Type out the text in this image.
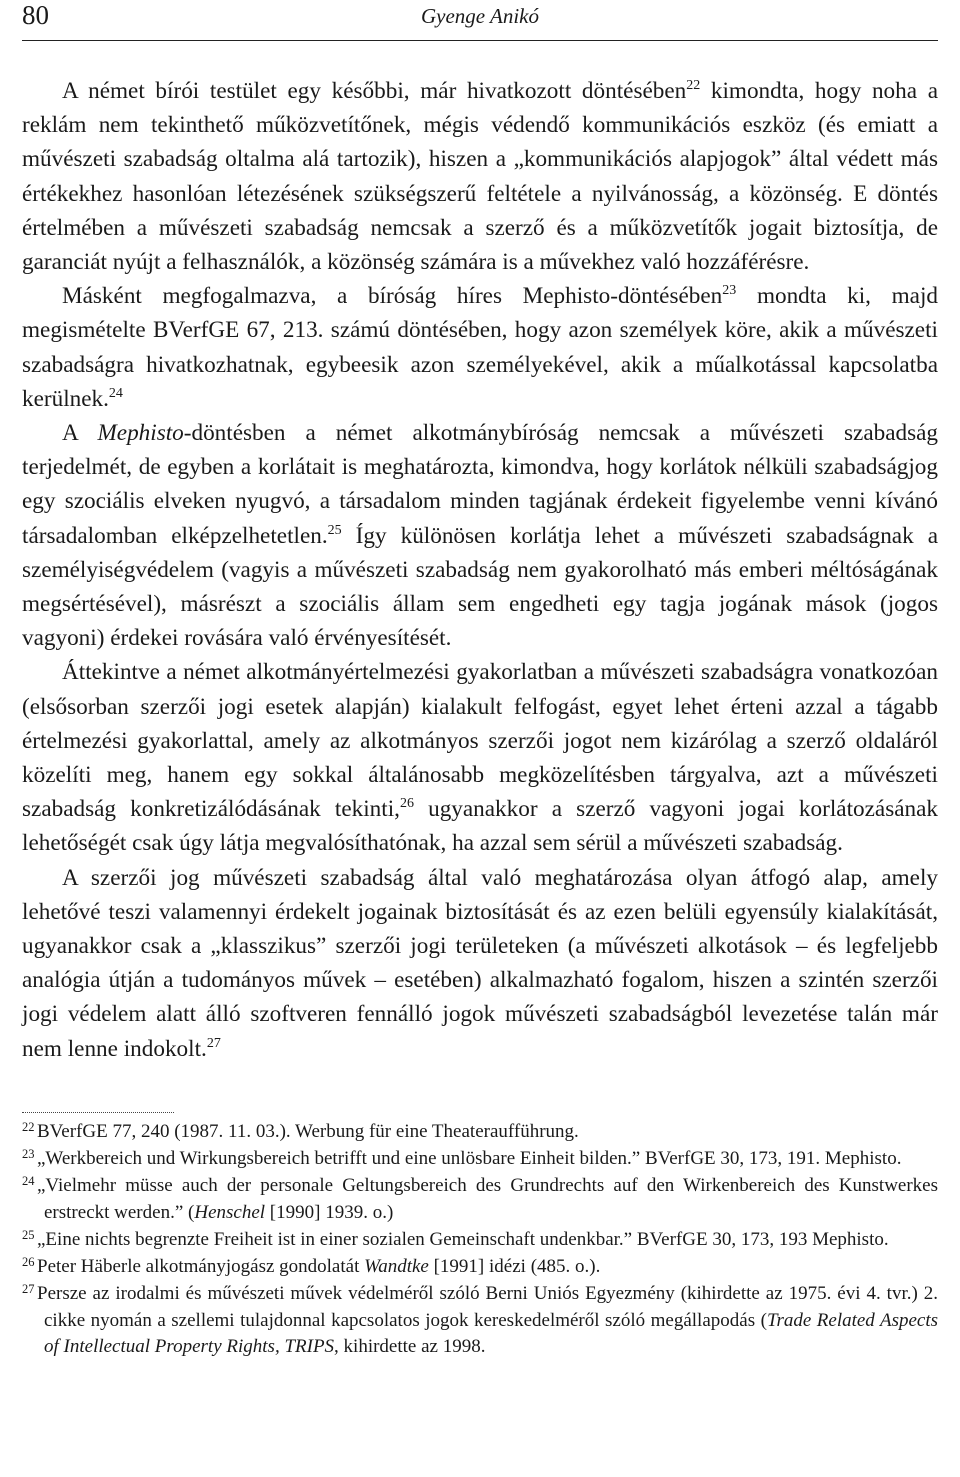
80	Gyenge Anikó

A német bírói testület egy későbbi, már hivatkozott döntésében$^{22}$ kimondta, hogy noha a reklám nem tekinthető műközvetítőnek, mégis védendő kommunikációs eszköz (és emiatt a művészeti szabadság oltalma alá tartozik), hiszen a „kommunikációs alapjogok” által védett más értékekhez hasonlóan létezésének szükségszerű feltétele a nyilvánosság, a közönség. E döntés értelmében a művészeti szabadság nemcsak a szerző és a műközvetítők jogait biztosítja, de garanciát nyújt a felhasználók, a közönség számára is a művekhez való hozzáférésre.

Másként megfogalmazva, a bíróság híres Mephisto-döntésében$^{23}$ mondta ki, majd megismételte BVerfGE 67, 213. számú döntésében, hogy azon személyek köre, akik a művészeti szabadságra hivatkozhatnak, egybeesik azon személyekével, akik a műalkotással kapcsolatba kerülnek.$^{24}$

A Mephisto-döntésben a német alkotmánybíróság nemcsak a művészeti szabadság terjedelmét, de egyben a korlátait is meghatározta, kimondva, hogy korlátok nélküli szabadságjog egy szociális elveken nyugvó, a társadalom minden tagjának érdekeit figyelembe venni kívánó társadalomban elképzelhetetlen.$^{25}$ Így különösen korlátja lehet a művészeti szabadságnak a személyiségvédelem (vagyis a művészeti szabadság nem gyakorolható más emberi méltóságának megsértésével), másrészt a szociális állam sem engedheti egy tagja jogának mások (jogos vagyoni) érdekei rovására való érvényesítését.

Áttekintve a német alkotmányértelmezési gyakorlatban a művészeti szabadságra vonatkozóan (elsősorban szerzői jogi esetek alapján) kialakult felfogást, egyet lehet érteni azzal a tágabb értelmezési gyakorlattal, amely az alkotmányos szerzői jogot nem kizárólag a szerző oldaláról közelíti meg, hanem egy sokkal általánosabb megközelítésben tárgyalva, azt a művészeti szabadság konkretizálódásának tekinti,$^{26}$ ugyanakkor a szerző vagyoni jogai korlátozásának lehetőségét csak úgy látja megvalósíthatónak, ha azzal sem sérül a művészeti szabadság.

A szerzői jog művészeti szabadság által való meghatározása olyan átfogó alap, amely lehetővé teszi valamennyi érdekelt jogainak biztosítását és az ezen belüli egyensúly kialakítását, ugyanakkor csak a „klasszikus” szerzői jogi területeken (a művészeti alkotások – és legfeljebb analógia útján a tudományos művek – esetében) alkalmazható fogalom, hiszen a szintén szerzői jogi védelem alatt álló szoftveren fennálló jogok művészeti szabadságból levezetése talán már nem lenne indokolt.$^{27}$

22 BVerfGE 77, 240 (1987. 11. 03.). Werbung für eine Theateraufführung.
23 „Werkbereich und Wirkungsbereich betrifft und eine unlösbare Einheit bilden.” BVerfGE 30, 173, 191. Mephisto.
24 „Vielmehr müsse auch der personale Geltungsbereich des Grundrechts auf den Wirkenbereich des Kunstwerkes erstreckt werden.” (Henschel [1990] 1939. o.)
25 „Eine nichts begrenzte Freiheit ist in einer sozialen Gemeinschaft undenkbar.” BVerfGE 30, 173, 193 Mephisto.
26 Peter Häberle alkotmányjogász gondolatát Wandtke [1991] idézi (485. o.).
27 Persze az irodalmi és művészeti művek védelméről szóló Berni Uniós Egyezmény (kihirdette az 1975. évi 4. tvr.) 2. cikke nyomán a szellemi tulajdonnal kapcsolatos jogok kereskedelméről szóló megállapodás (Trade Related Aspects of Intellectual Property Rights, TRIPS, kihirdette az 1998.
